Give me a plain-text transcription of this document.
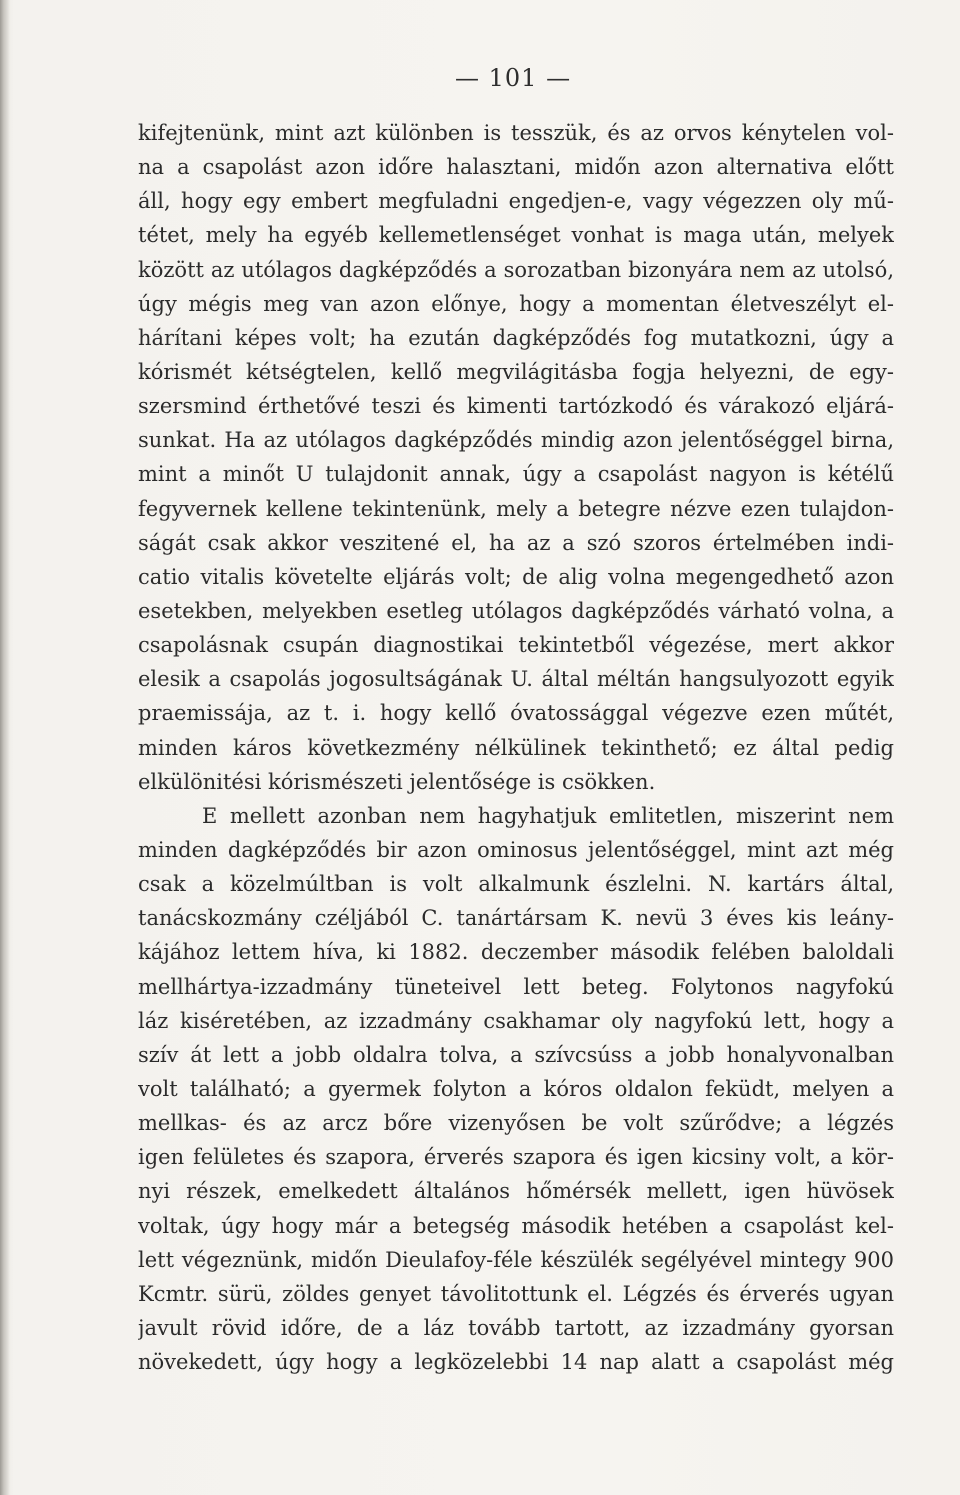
— 101 —
kifejtenünk, mint azt különben is tesszük, és az orvos kénytelen vol-
na a csapolást azon időre halasztani, midőn azon alternativa előtt
áll, hogy egy embert megfuladni engedjen-e, vagy végezzen oly mű-
tétet, mely ha egyéb kellemetlenséget vonhat is maga után, melyek
között az utólagos dagképződés a sorozatban bizonyára nem az utolsó,
úgy mégis meg van azon előnye, hogy a momentan életveszélyt el-
hárítani képes volt; ha ezután dagképződés fog mutatkozni, úgy a
kórismét kétségtelen, kellő megvilágitásba fogja helyezni, de egy-
szersmind érthetővé teszi és kimenti tartózkodó és várakozó eljárá-
sunkat. Ha az utólagos dagképződés mindig azon jelentőséggel birna,
mint a minőt U tulajdonit annak, úgy a csapolást nagyon is kétélű
fegyvernek kellene tekintenünk, mely a betegre nézve ezen tulajdon-
ságát csak akkor veszitené el, ha az a szó szoros értelmében indi-
catio vitalis követelte eljárás volt; de alig volna megengedhető azon
esetekben, melyekben esetleg utólagos dagképződés várható volna, a
csapolásnak csupán diagnostikai tekintetből végezése, mert akkor
elesik a csapolás jogosultságának U. által méltán hangsulyozott egyik
praemissája, az t. i. hogy kellő óvatossággal végezve ezen műtét,
minden káros következmény nélkülinek tekinthető; ez által pedig
elkülönitési kórismészeti jelentősége is csökken.
E mellett azonban nem hagyhatjuk emlitetlen, miszerint nem
minden dagképződés bir azon ominosus jelentőséggel, mint azt még
csak a közelmúltban is volt alkalmunk észlelni. N. kartárs által,
tanácskozmány czéljából C. tanártársam K. nevü 3 éves kis leány-
kájához lettem híva, ki 1882. deczember második felében baloldali
mellhártya-izzadmány tüneteivel lett beteg. Folytonos nagyfokú
láz kiséretében, az izzadmány csakhamar oly nagyfokú lett, hogy a
szív át lett a jobb oldalra tolva, a szívcsúss a jobb honalyvonalban
volt található; a gyermek folyton a kóros oldalon feküdt, melyen a
mellkas- és az arcz bőre vizenyősen be volt szűrődve; a légzés
igen felületes és szapora, érverés szapora és igen kicsiny volt, a kör-
nyi részek, emelkedett általános hőmérsék mellett, igen hüvösek
voltak, úgy hogy már a betegség második hetében a csapolást kel-
lett végeznünk, midőn Dieulafoy-féle készülék segélyével mintegy 900
Kcmtr. sürü, zöldes genyet távolitottunk el. Légzés és érverés ugyan
javult rövid időre, de a láz tovább tartott, az izzadmány gyorsan
növekedett, úgy hogy a legközelebbi 14 nap alatt a csapolást még
